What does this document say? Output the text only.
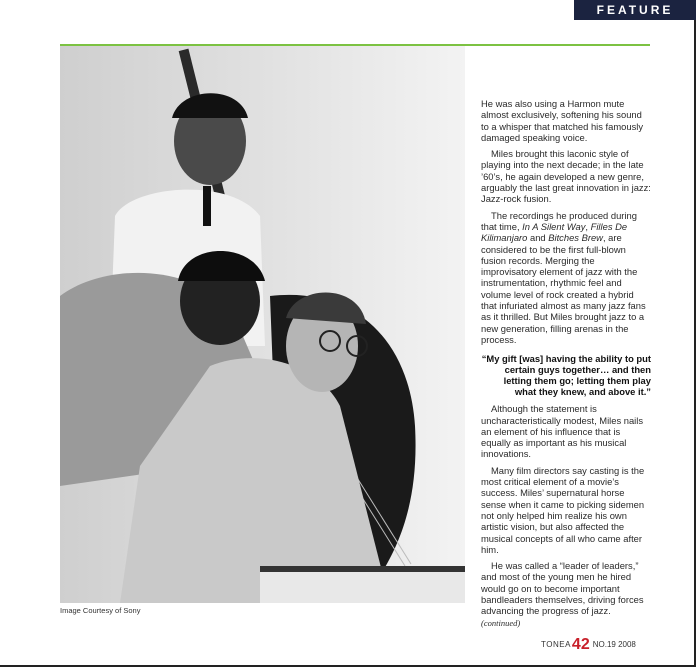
FEATURE
Image Courtesy of Sony

He was also using a Harmon mute almost exclusively, softening his sound to a whisper that matched his famously damaged speaking voice.

Miles brought this laconic style of playing into the next decade; in the late ’60’s, he again developed a new genre, arguably the last great innovation in jazz: Jazz-rock fusion.

The recordings he produced during that time, In A Silent Way, Filles De Kilimanjaro and Bitches Brew, are considered to be the first full-blown fusion records. Merging the improvisatory element of jazz with the instrumentation, rhythmic feel and volume level of rock created a hybrid that infuriated almost as many jazz fans as it thrilled. But Miles brought jazz to a new generation, filling arenas in the process.

“My gift [was] having the ability to put certain guys together… and then letting them go; letting them play what they knew, and above it.”

Although the statement is uncharacteristically modest, Miles nails an element of his influence that is equally as important as his musical innovations.

Many film directors say casting is the most critical element of a movie’s success. Miles’ supernatural horse sense when it came to picking sidemen not only helped him realize his own artistic vision, but also affected the musical concepts of all who came after him.

He was called a “leader of leaders,” and most of the young men he hired would go on to become important bandleaders themselves, driving forces advancing the progress of jazz.

(continued)
TONEA42 NO.19 2008
